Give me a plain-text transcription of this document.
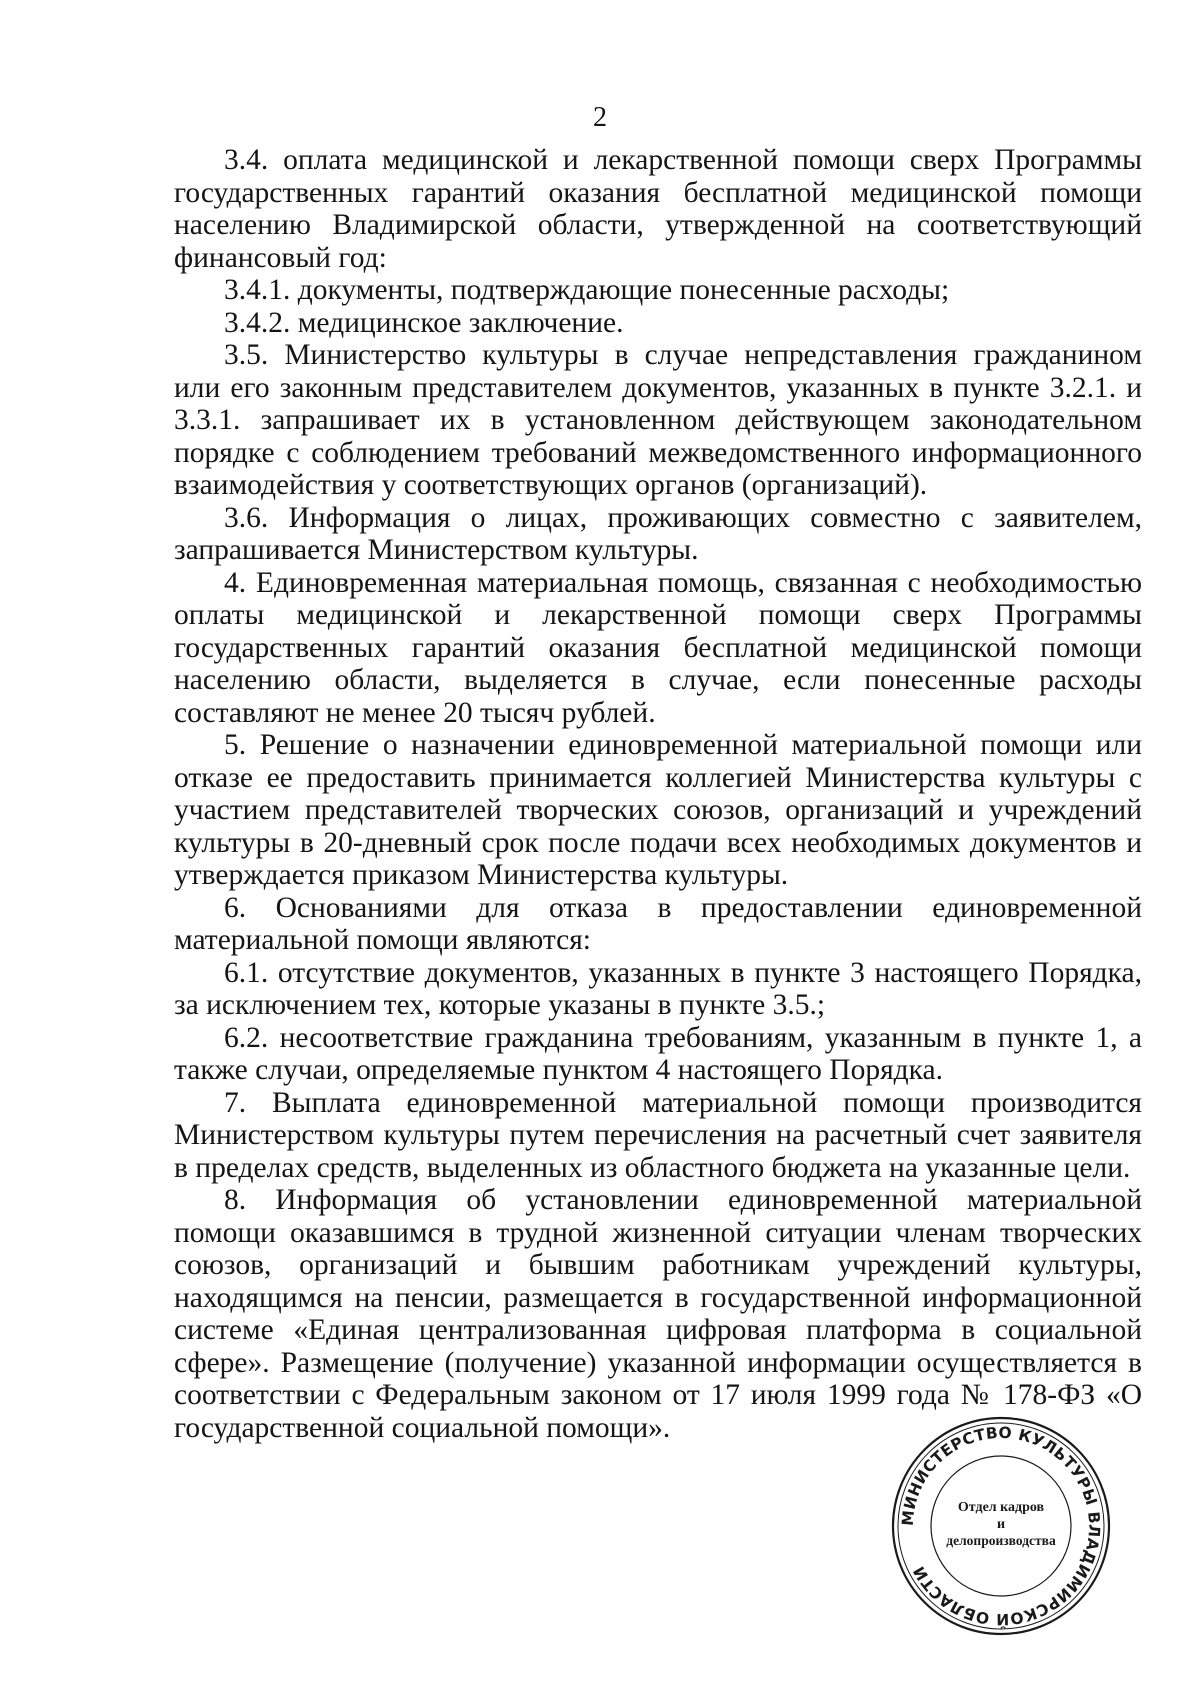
2

3.4. оплата медицинской и лекарственной помощи сверх Программы государственных гарантий оказания бесплатной медицинской помощи населению Владимирской области, утвержденной на соответствующий финансовый год:

3.4.1. документы, подтверждающие понесенные расходы;

3.4.2. медицинское заключение.

3.5. Министерство культуры в случае непредставления гражданином или его законным представителем документов, указанных в пункте 3.2.1. и 3.3.1. запрашивает их в установленном действующем законодательном порядке с соблюдением требований межведомственного информационного взаимодействия у соответствующих органов (организаций).

3.6. Информация о лицах, проживающих совместно с заявителем, запрашивается Министерством культуры.

4. Единовременная материальная помощь, связанная с необходимостью оплаты медицинской и лекарственной помощи сверх Программы государственных гарантий оказания бесплатной медицинской помощи населению области, выделяется в случае, если понесенные расходы составляют не менее 20 тысяч рублей.

5. Решение о назначении единовременной материальной помощи или отказе ее предоставить принимается коллегией Министерства культуры с участием представителей творческих союзов, организаций и учреждений культуры в 20-дневный срок после подачи всех необходимых документов и утверждается приказом Министерства культуры.

6. Основаниями для отказа в предоставлении единовременной материальной помощи являются:

6.1. отсутствие документов, указанных в пункте 3 настоящего Порядка, за исключением тех, которые указаны в пункте 3.5.;

6.2. несоответствие гражданина требованиям, указанным в пункте 1, а также случаи, определяемые пунктом 4 настоящего Порядка.

7. Выплата единовременной материальной помощи производится Министерством культуры путем перечисления на расчетный счет заявителя в пределах средств, выделенных из областного бюджета на указанные цели.

8. Информация об установлении единовременной материальной помощи оказавшимся в трудной жизненной ситуации членам творческих союзов, организаций и бывшим работникам учреждений культуры, находящимся на пенсии, размещается в государственной информационной системе «Единая централизованная цифровая платформа в социальной сфере». Размещение (получение) указанной информации осуществляется в соответствии с Федеральным законом от 17 июля 1999 года № 178-ФЗ «О государственной социальной помощи».

МИНИСТЕРСТВО КУЛЬТУРЫ ВЛАДИМИРСКОЙ ОБЛАСТИ
Отдел кадров
и
делопроизводства
